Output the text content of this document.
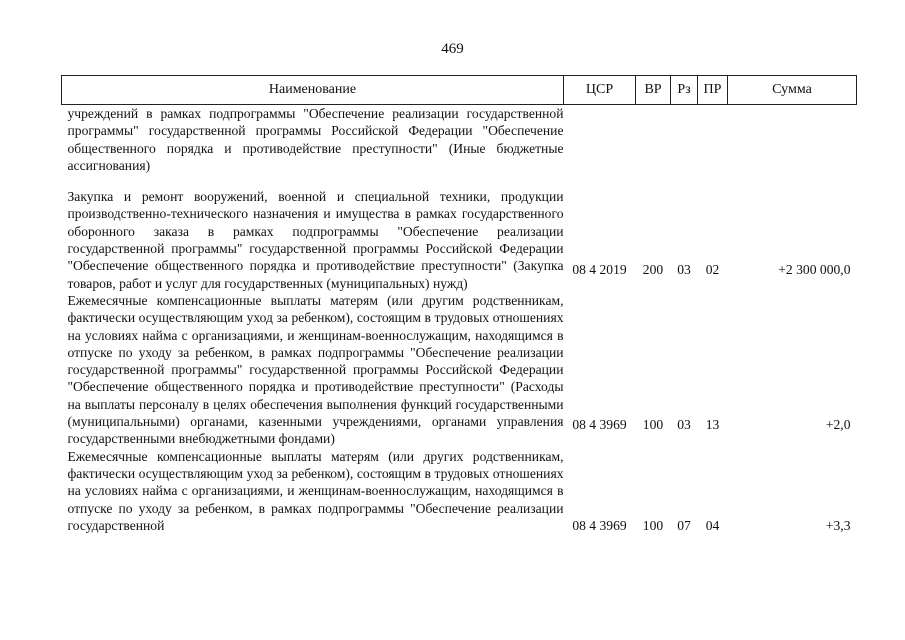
469
Наименование	ЦСР	ВР	Рз	ПР	Сумма

учреждений в рамках подпрограммы "Обеспечение реализации государственной программы" государственной программы Российской Федерации "Обеспечение общественного порядка и противодействие преступности" (Иные бюджетные ассигнования)					

Закупка и ремонт вооружений, военной и специальной техники, продукции производственно-технического назначения и имущества в рамках государственного оборонного заказа в рамках подпрограммы "Обеспечение реализации государственной программы" государственной программы Российской Федерации "Обеспечение общественного порядка и противодействие преступности" (Закупка товаров, работ и услуг для государственных (муниципальных) нужд)	08 4 2019	200	03	02	+2 300 000,0

Ежемесячные компенсационные выплаты матерям (или другим родственникам, фактически осуществляющим уход за ребенком), состоящим в трудовых отношениях на условиях найма с организациями, и женщинам-военнослужащим, находящимся в отпуске по уходу за ребенком, в рамках подпрограммы "Обеспечение реализации государственной программы" государственной программы Российской Федерации "Обеспечение общественного порядка и противодействие преступности" (Расходы на выплаты персоналу в целях обеспечения выполнения функций государственными (муниципальными) органами, казенными учреждениями, органами управления государственными внебюджетными фондами)	08 4 3969	100	03	13	+2,0

Ежемесячные компенсационные выплаты матерям (или других родственникам, фактически осуществляющим уход за ребенком), состоящим в трудовых отношениях на условиях найма с организациями, и женщинам-военнослужащим, находящимся в отпуске по уходу за ребенком, в рамках подпрограммы "Обеспечение реализации государственной	08 4 3969	100	07	04	+3,3
